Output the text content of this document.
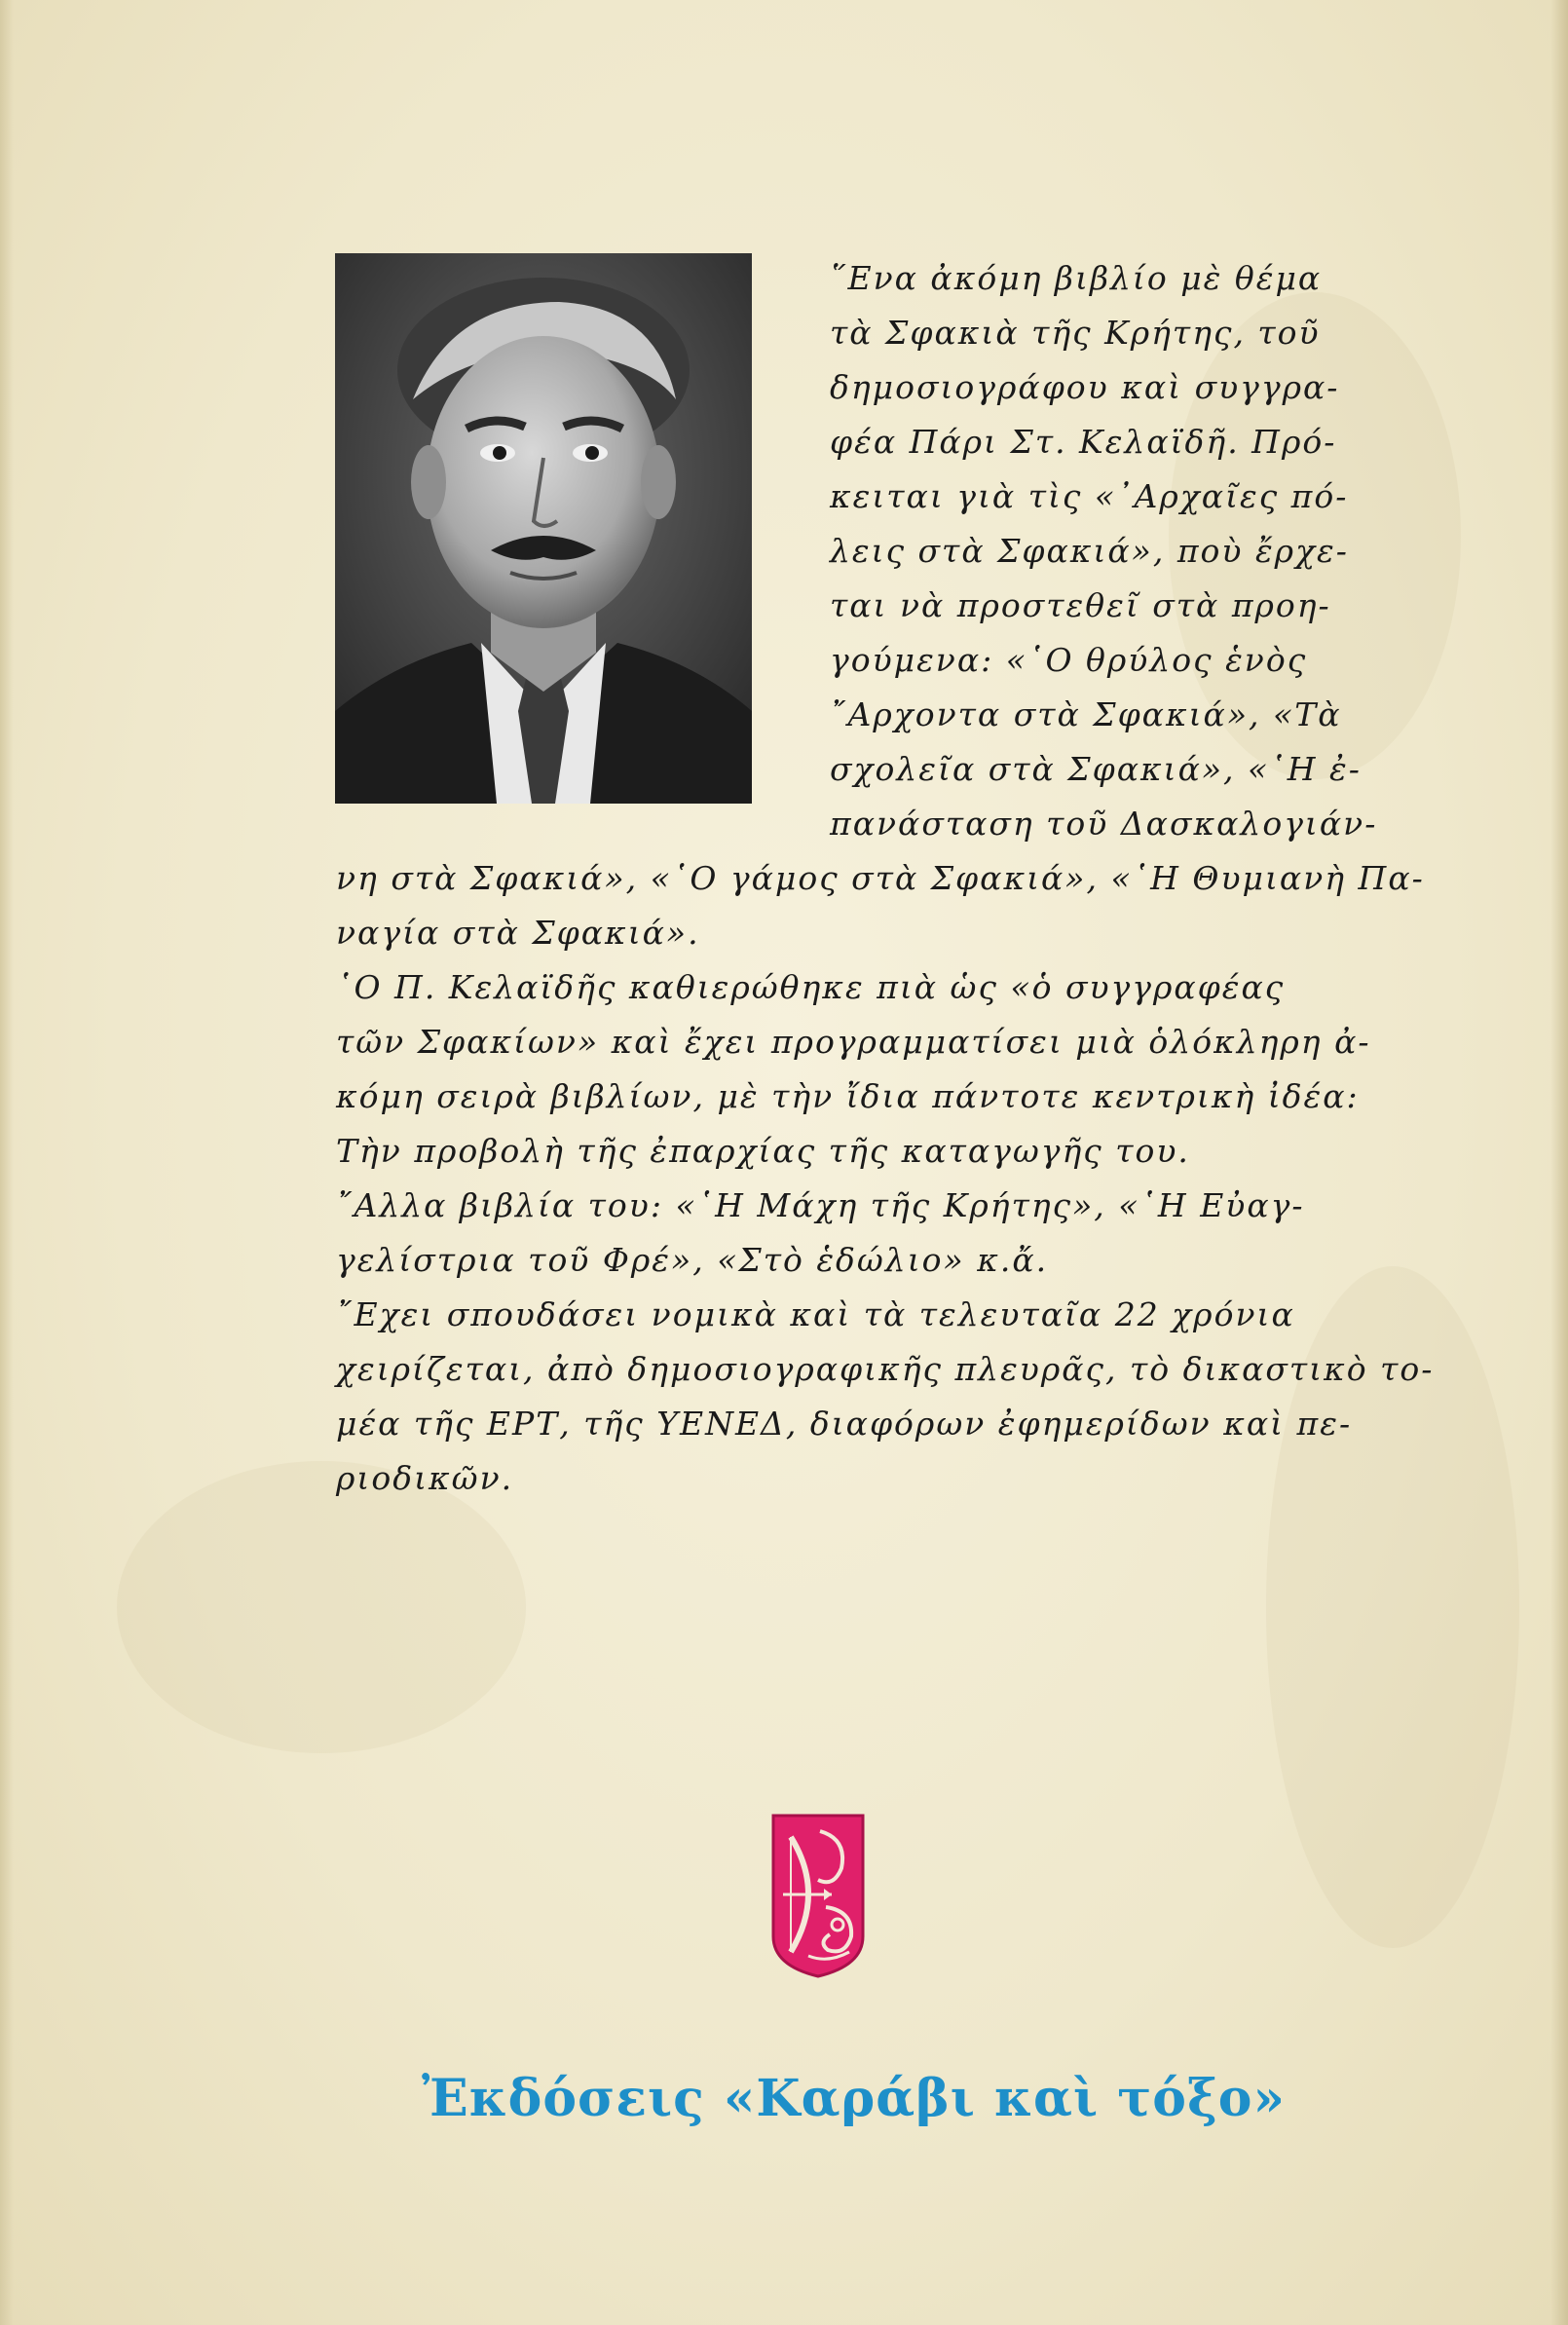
῞Ενα ἀκόμη βιβλίο μὲ θέμα
τὰ Σφακιὰ τῆς Κρήτης, τοῦ
δημοσιογράφου καὶ συγγρα-
φέα Πάρι Στ. Κελαϊδῆ. Πρό-
κειται γιὰ τὶς «᾿Αρχαῖες πό-
λεις στὰ Σφακιά», ποὺ ἔρχε-
ται νὰ προστεθεῖ στὰ προη-
γούμενα: «῾Ο θρύλος ἑνὸς
῎Αρχοντα στὰ Σφακιά», «Τὰ
σχολεῖα στὰ Σφακιά», «῾Η ἐ-
πανάσταση τοῦ Δασκαλογιάν-
νη στὰ Σφακιά», «῾Ο γάμος στὰ Σφακιά», «῾Η Θυμιανὴ Πα-
ναγία στὰ Σφακιά».
῾Ο Π. Κελαϊδῆς καθιερώθηκε πιὰ ὡς «ὁ συγγραφέας
τῶν Σφακίων» καὶ ἔχει προγραμματίσει μιὰ ὁλόκληρη ἀ-
κόμη σειρὰ βιβλίων, μὲ τὴν ἴδια πάντοτε κεντρικὴ ἰδέα:
Τὴν προβολὴ τῆς ἐπαρχίας τῆς καταγωγῆς του.
῎Αλλα βιβλία του: «῾Η Μάχη τῆς Κρήτης», «῾Η Εὐαγ-
γελίστρια τοῦ Φρέ», «Στὸ ἑδώλιο» κ.ἄ.
῎Εχει σπουδάσει νομικὰ καὶ τὰ τελευταῖα 22 χρόνια
χειρίζεται, ἀπὸ δημοσιογραφικῆς πλευρᾶς, τὸ δικαστικὸ το-
μέα τῆς ΕΡΤ, τῆς ΥΕΝΕΔ, διαφόρων ἐφημερίδων καὶ πε-
ριοδικῶν.
Ἐκδόσεις «Καράβι καὶ τόξο»
